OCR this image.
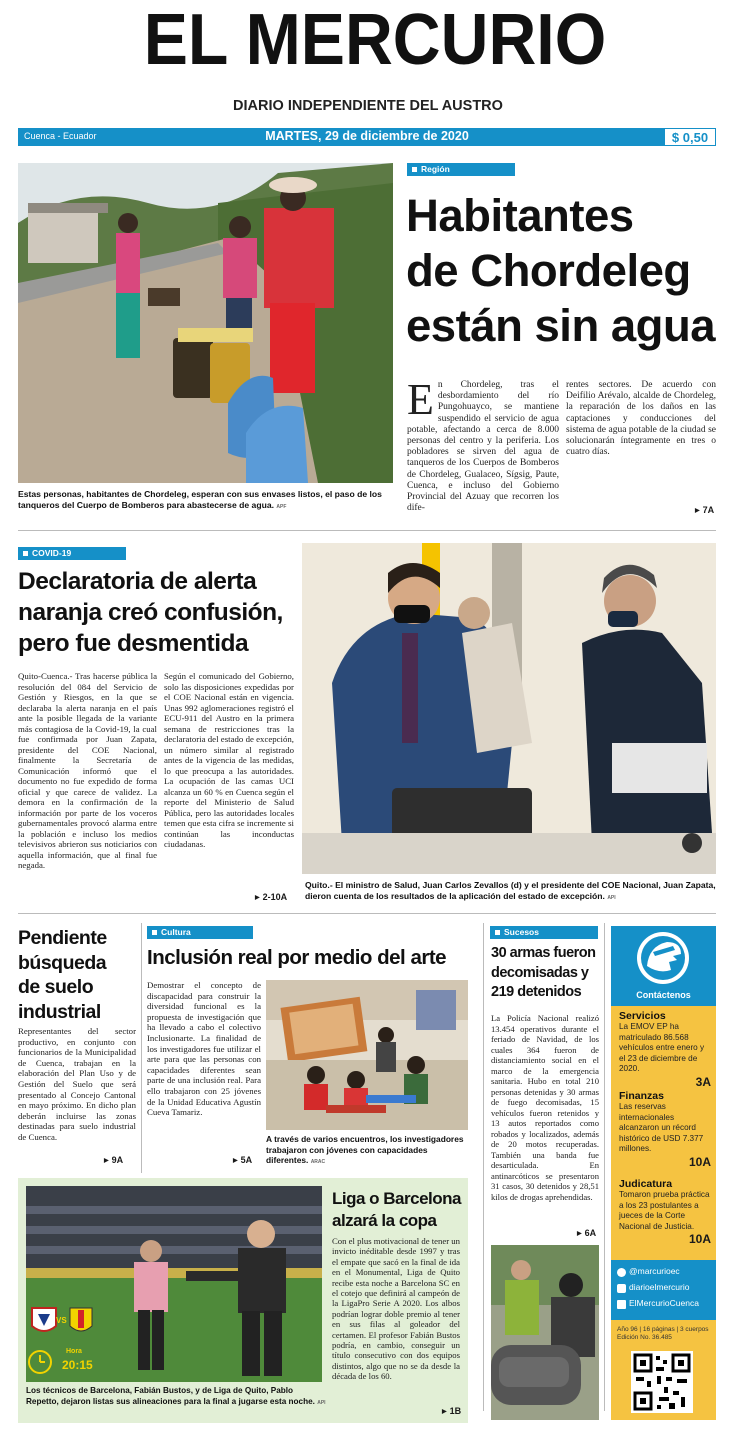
EL MERCURIO
DIARIO INDEPENDIENTE DEL AUSTRO
Cuenca - Ecuador	MARTES, 29 de diciembre de 2020	$ 0,50
Estas personas, habitantes de Chordeleg, esperan con sus envases listos, el paso de los tanqueros del Cuerpo de Bomberos para abastecerse de agua. APF
Región
Habitantes
de Chordeleg
están sin agua
E n Chordeleg, tras el desbordamiento del río Pungohuayco, se mantiene suspendido el servicio de agua potable, afectando a cerca de 8.000 personas del centro y la periferia. Los pobladores se sirven del agua de tanqueros de los Cuerpos de Bomberos de Chordeleg, Gualaceo, Sígsig, Paute, Cuenca, e incluso del Gobierno Provincial del Azuay que recorren los dife-
rentes sectores. De acuerdo con Deifilio Arévalo, alcalde de Chordeleg, la reparación de los daños en las captaciones y conducciones del sistema de agua potable de la ciudad se solucionarán íntegramente en tres o cuatro días.
▶ 7A
COVID-19
Declaratoria de alerta
naranja creó confusión,
pero fue desmentida
Quito-Cuenca.- Tras hacerse pública la resolución del 084 del Servicio de Gestión y Riesgos, en la que se declaraba la alerta naranja en el país ante la posible llegada de la variante más contagiosa de la Covid-19, la cual fue confirmada por Juan Zapata, presidente del COE Nacional, finalmente la Secretaría de Comunicación informó que el documento no fue expedido de forma oficial y que carece de validez. La demora en la confirmación de la información por parte de los voceros gubernamentales provocó alarma entre la población e incluso los medios televisivos abrieron sus noticiarios con aquella información, que al final fue negada.
Según el comunicado del Gobierno, solo las disposiciones expedidas por el COE Nacional están en vigencia. Unas 992 aglomeraciones registró el ECU-911 del Austro en la primera semana de restricciones tras la declaratoria del estado de excepción, un número similar al registrado antes de la vigencia de las medidas, lo que preocupa a las autoridades. La ocupación de las camas UCI alcanza un 60 % en Cuenca según el reporte del Ministerio de Salud Pública, pero las autoridades locales temen que esta cifra se incremente si continúan las inconductas ciudadanas.
▶ 2-10A
Quito.- El ministro de Salud, Juan Carlos Zevallos (d) y el presidente del COE Nacional, Juan Zapata, dieron cuenta de los resultados de la aplicación del estado de excepción. API
Pendiente
búsqueda
de suelo
industrial
Representantes del sector productivo, en conjunto con funcionarios de la Municipalidad de Cuenca, trabajan en la elaboración del Plan Uso y de Gestión del Suelo que será presentado al Concejo Cantonal en mayo próximo. En dicho plan deberán incluirse las zonas destinadas para suelo industrial de Cuenca.
▶ 9A
Cultura
Inclusión real por medio del arte
Demostrar el concepto de discapacidad para construir la diversidad funcional es la propuesta de investigación que ha llevado a cabo el colectivo Inclusionarte. La finalidad de los investigadores fue utilizar el arte para que las personas con capacidades diferentes sean parte de una inclusión real. Para ello trabajaron con 25 jóvenes de la Unidad Educativa Agustín Cueva Tamariz.
A través de varios encuentros, los investigadores trabajaron con jóvenes con capacidades diferentes. ARAC
▶ 5A
Sucesos
30 armas fueron
decomisadas y
219 detenidos
La Policía Nacional realizó 13.454 operativos durante el feriado de Navidad, de los cuales 364 fueron de distanciamiento social en el marco de la emergencia sanitaria. Hubo en total 210 personas detenidas y 30 armas de fuego decomisadas, 15 vehículos fueron retenidos y 13 autos reportados como robados y localizados, además de 20 motos recuperadas. También una banda fue desarticulada. En antinarcóticos se presentaron 31 casos, 30 detenidos y 28,51 kilos de drogas aprehendidas.
▶ 6A
VS
Hora
20:15
Liga o Barcelona
alzará la copa
Con el plus motivacional de tener un invicto inéditable desde 1997 y tras el empate que sacó en la final de ida en el Monumental, Liga de Quito recibe esta noche a Barcelona SC en el cotejo que definirá al campeón de la LigaPro Serie A 2020. Los albos podrían lograr doble premio al tener en sus filas al goleador del certamen. El profesor Fabián Bustos podría, en cambio, conseguir un título consecutivo con dos equipos distintos, algo que no se da desde la década de los 60.
Los técnicos de Barcelona, Fabián Bustos, y de Liga de Quito, Pablo Repetto, dejaron listas sus alineaciones para la final a jugarse esta noche. API
▶ 1B
Contáctenos
Servicios
La EMOV EP ha matriculado 86.568 vehículos entre enero y el 23 de diciembre de 2020.
3A
Finanzas
Las reservas internacionales alcanzaron un récord histórico de USD 7.377 millones.
10A
Judicatura
Tomaron prueba práctica a los 23 postulantes a jueces de la Corte Nacional de Justicia.
10A
@marcurioec
diarioelmercurio
ElMercurioCuenca
Año 96 | 16 páginas | 3 cuerpos Edición No. 36.485
